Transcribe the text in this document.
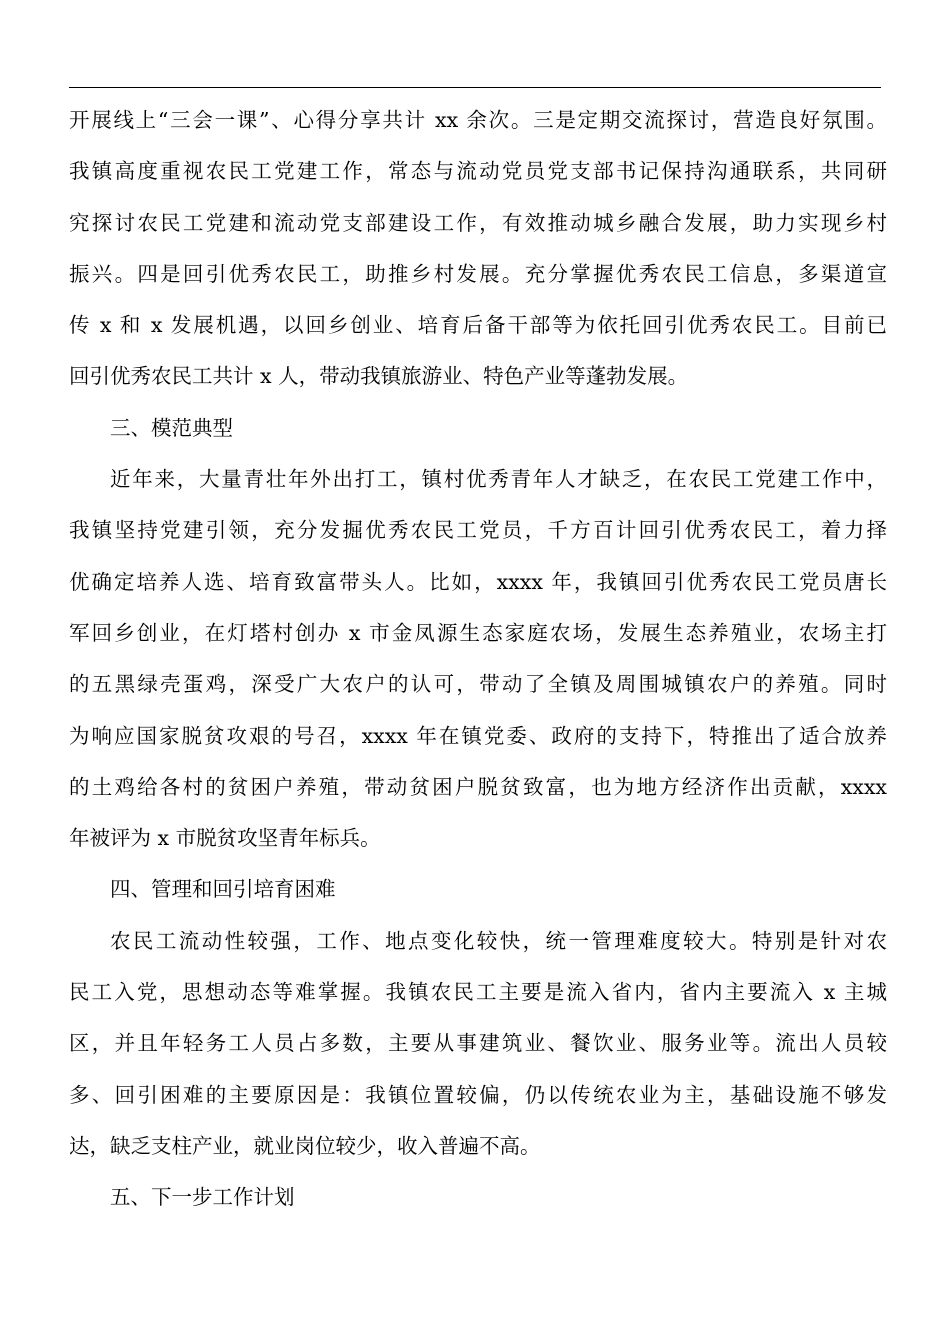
开展线上“三会一课”、心得分享共计 xx 余次。三是定期交流探讨，营造良好氛围。
我镇高度重视农民工党建工作，常态与流动党员党支部书记保持沟通联系，共同研
究探讨农民工党建和流动党支部建设工作，有效推动城乡融合发展，助力实现乡村
振兴。四是回引优秀农民工，助推乡村发展。充分掌握优秀农民工信息，多渠道宣
传 x 和 x 发展机遇，以回乡创业、培育后备干部等为依托回引优秀农民工。目前已
回引优秀农民工共计 x 人，带动我镇旅游业、特色产业等蓬勃发展。
三、模范典型
近年来，大量青壮年外出打工，镇村优秀青年人才缺乏，在农民工党建工作中，
我镇坚持党建引领，充分发掘优秀农民工党员，千方百计回引优秀农民工，着力择
优确定培养人选、培育致富带头人。比如，xxxx 年，我镇回引优秀农民工党员唐长
军回乡创业，在灯塔村创办 x 市金凤源生态家庭农场，发展生态养殖业，农场主打
的五黑绿壳蛋鸡，深受广大农户的认可，带动了全镇及周围城镇农户的养殖。同时
为响应国家脱贫攻艰的号召，xxxx 年在镇党委、政府的支持下，特推出了适合放养
的土鸡给各村的贫困户养殖，带动贫困户脱贫致富，也为地方经济作出贡献，xxxx
年被评为 x 市脱贫攻坚青年标兵。
四、管理和回引培育困难
农民工流动性较强，工作、地点变化较快，统一管理难度较大。特别是针对农
民工入党，思想动态等难掌握。我镇农民工主要是流入省内，省内主要流入 x 主城
区，并且年轻务工人员占多数，主要从事建筑业、餐饮业、服务业等。流出人员较
多、回引困难的主要原因是：我镇位置较偏，仍以传统农业为主，基础设施不够发
达，缺乏支柱产业，就业岗位较少，收入普遍不高。
五、下一步工作计划
